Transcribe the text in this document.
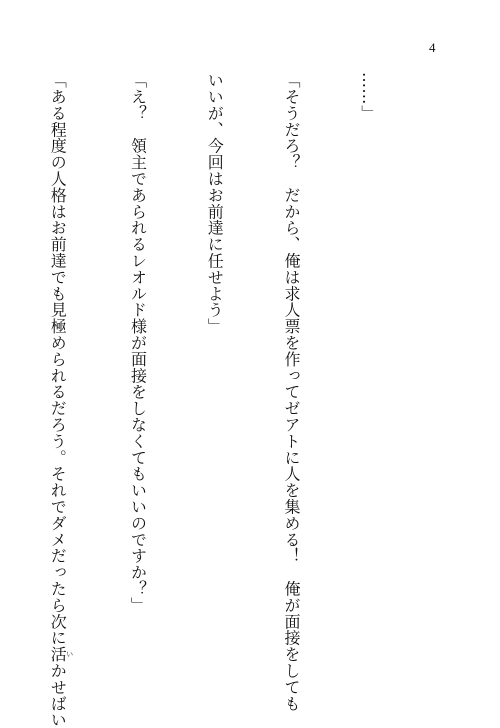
4

……」

「そうだろ？　だから、俺は求人票を作ってゼアトに人を集める！　俺が面接をしても

いいが、今回はお前達に任せよう」

「え？　領主であられるレオルド様が面接をしなくてもいいのですか？」

「ある程度の人格はお前達でも見極められるだろう。それでダメだったら次に活いかせばい
